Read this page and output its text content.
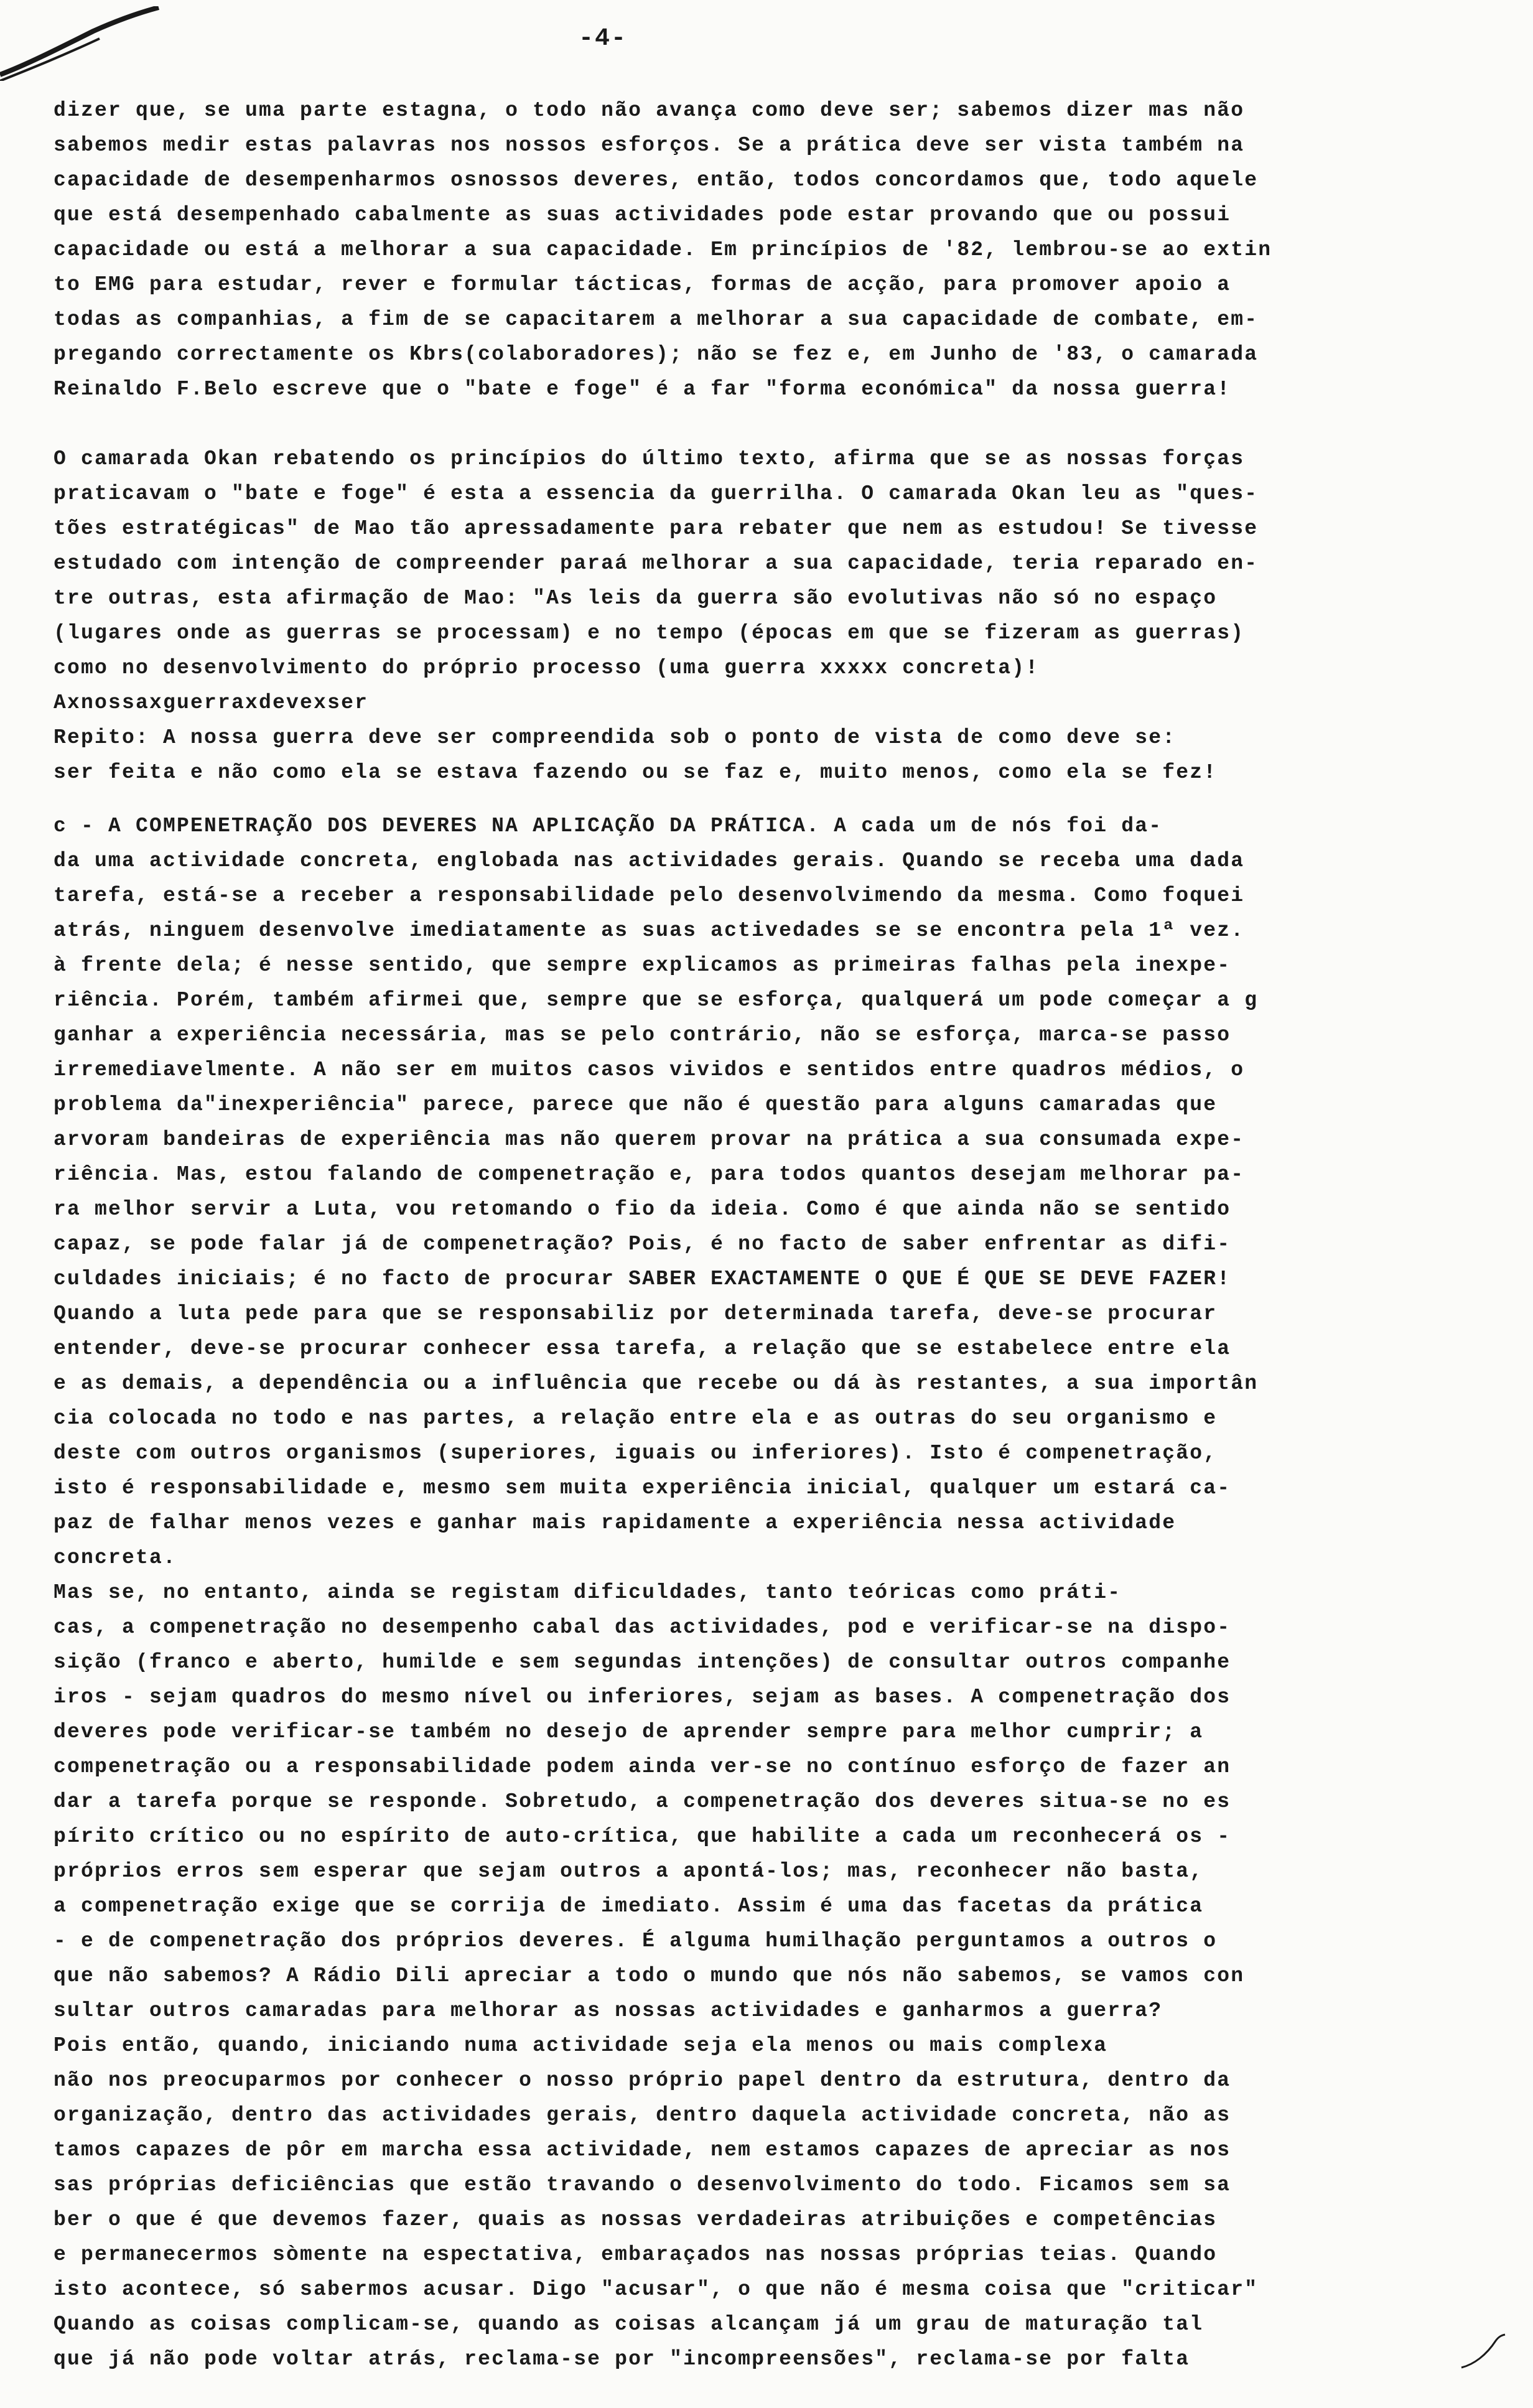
-4-
dizer que, se uma parte estagna, o todo não avança como deve ser; sabemos dizer mas não
sabemos medir estas palavras nos nossos esforços. Se a prática deve ser vista também na
capacidade de desempenharmos osnossos deveres, então, todos concordamos que, todo aquele
que está desempenhado cabalmente as suas actividades pode estar provando que ou possui
capacidade ou está a melhorar a sua capacidade. Em princípios de '82, lembrou-se ao extin
to EMG para estudar, rever e formular tácticas, formas de acção, para promover apoio a
todas as companhias, a fim de se capacitarem a melhorar a sua capacidade de combate, em-
pregando correctamente os Kbrs(colaboradores); não se fez e, em Junho de '83, o camarada
Reinaldo F.Belo escreve que o "bate e foge" é a far "forma económica" da nossa guerra!
O camarada Okan rebatendo os princípios do último texto, afirma que se as nossas forças
praticavam o "bate e foge" é esta a essencia da guerrilha. O camarada Okan leu as "ques-
tões estratégicas" de Mao tão apressadamente para rebater que nem as estudou! Se tivesse
estudado com intenção de compreender paraá melhorar a sua capacidade, teria reparado en-
tre outras, esta afirmação de Mao: "As leis da guerra são evolutivas não só no espaço
(lugares onde as guerras se processam) e no tempo (épocas em que se fizeram as guerras)
como no desenvolvimento do próprio processo (uma guerra xxxxx concreta)!
Axnossaxguerraxdevexser
Repito: A nossa guerra deve ser compreendida sob o ponto de vista de como deve se:
ser feita e não como ela se estava fazendo ou se faz e, muito menos, como ela se fez!
c - A COMPENETRAÇÃO DOS DEVERES NA APLICAÇÃO DA PRÁTICA. A cada um de nós foi da-
da uma actividade concreta, englobada nas actividades gerais. Quando se receba uma dada
tarefa, está-se a receber a responsabilidade pelo desenvolvimendo da mesma. Como foquei
atrás, ninguem desenvolve imediatamente as suas activedades se se encontra pela 1ª vez.
à frente dela; é nesse sentido, que sempre explicamos as primeiras falhas pela inexpe-
riência. Porém, também afirmei que, sempre que se esforça, qualquerá um pode começar a g
ganhar a experiência necessária, mas se pelo contrário, não se esforça, marca-se passo
irremediavelmente. A não ser em muitos casos vividos e sentidos entre quadros médios, o
problema da"inexperiência" parece, parece que não é questão para alguns camaradas que
arvoram bandeiras de experiência mas não querem provar na prática a sua consumada expe-
riência. Mas, estou falando de compenetração e, para todos quantos desejam melhorar pa-
ra melhor servir a Luta, vou retomando o fio da ideia. Como é que ainda não se sentido
capaz, se pode falar já de compenetração? Pois, é no facto de saber enfrentar as difi-
culdades iniciais; é no facto de procurar SABER EXACTAMENTE O QUE É QUE SE DEVE FAZER!
Quando a luta pede para que se responsabiliz por determinada tarefa, deve-se procurar
entender, deve-se procurar conhecer essa tarefa, a relação que se estabelece entre ela
e as demais, a dependência ou a influência que recebe ou dá às restantes, a sua importân
cia colocada no todo e nas partes, a relação entre ela e as outras do seu organismo e
deste com outros organismos (superiores, iguais ou inferiores). Isto é compenetração,
isto é responsabilidade e, mesmo sem muita experiência inicial, qualquer um estará ca-
paz de falhar menos vezes e ganhar mais rapidamente a experiência nessa actividade
concreta.
Mas se, no entanto, ainda se registam dificuldades, tanto teóricas como práti-
cas, a compenetração no desempenho cabal das actividades, pod e verificar-se na dispo-
sição (franco e aberto, humilde e sem segundas intenções) de consultar outros companhe
iros - sejam quadros do mesmo nível ou inferiores, sejam as bases. A compenetração dos
deveres pode verificar-se também no desejo de aprender sempre para melhor cumprir; a
compenetração ou a responsabilidade podem ainda ver-se no contínuo esforço de fazer an
dar a tarefa porque se responde. Sobretudo, a compenetração dos deveres situa-se no es
pírito crítico ou no espírito de auto-crítica, que habilite a cada um reconhecerá os -
próprios erros sem esperar que sejam outros a apontá-los; mas, reconhecer não basta,
a compenetração exige que se corrija de imediato. Assim é uma das facetas da prática
- e de compenetração dos próprios deveres. É alguma humilhação perguntamos a outros o
que não sabemos? A Rádio Dili apreciar a todo o mundo que nós não sabemos, se vamos con
sultar outros camaradas para melhorar as nossas actividades e ganharmos a guerra?
Pois então, quando, iniciando numa actividade seja ela menos ou mais complexa
não nos preocuparmos por conhecer o nosso próprio papel dentro da estrutura, dentro da
organização, dentro das actividades gerais, dentro daquela actividade concreta, não as
tamos capazes de pôr em marcha essa actividade, nem estamos capazes de apreciar as nos
sas próprias deficiências que estão travando o desenvolvimento do todo. Ficamos sem sa
ber o que é que devemos fazer, quais as nossas verdadeiras atribuições e competências
e permanecermos sòmente na espectativa, embaraçados nas nossas próprias teias. Quando
isto acontece, só sabermos acusar. Digo "acusar", o que não é mesma coisa que "criticar"
Quando as coisas complicam-se, quando as coisas alcançam já um grau de maturação tal
que já não pode voltar atrás, reclama-se por "incompreensões", reclama-se por falta
